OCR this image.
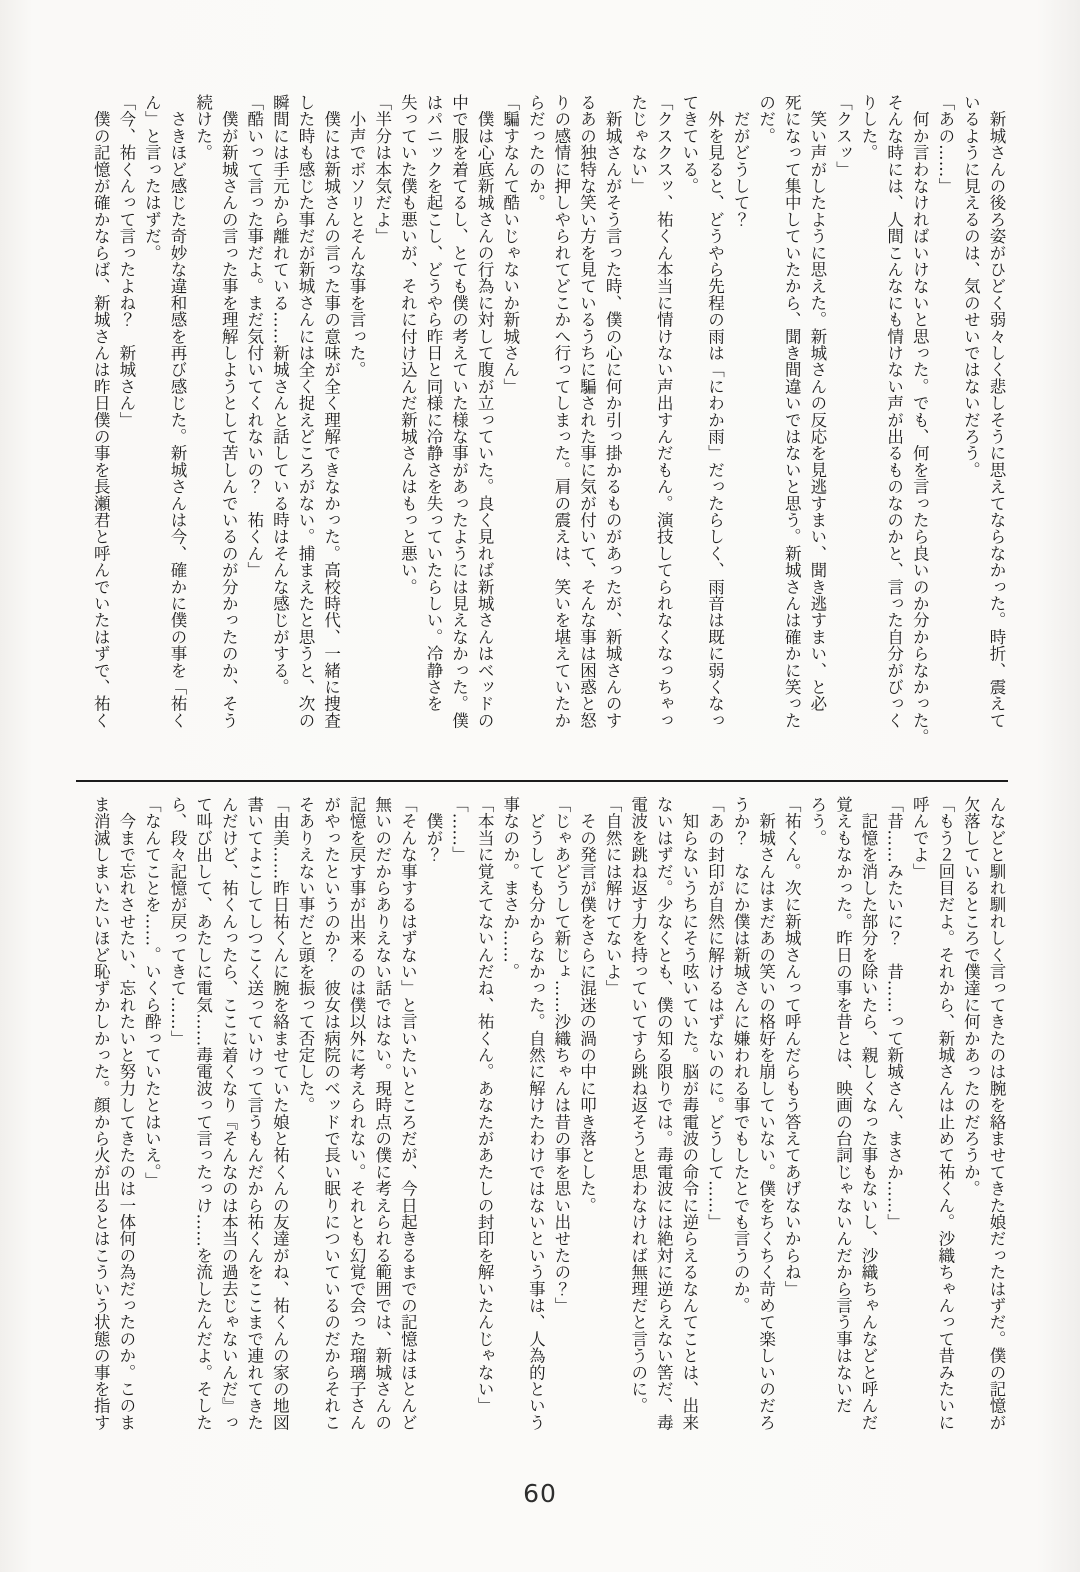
　新城さんの後ろ姿がひどく弱々しく悲しそうに思えてならなかった。時折、震えて
いるように見えるのは、気のせいではないだろう。
「あの……」
　何か言わなければいけないと思った。でも、何を言ったら良いのか分からなかった。
そんな時には、人間こんなにも情けない声が出るものなのかと、言った自分がびっく
りした。
「クスッ」
　笑い声がしたように思えた。新城さんの反応を見逃すまい、聞き逃すまい、と必
死になって集中していたから、聞き間違いではないと思う。新城さんは確かに笑った
のだ。
　だがどうして？
　外を見ると、どうやら先程の雨は「にわか雨」だったらしく、雨音は既に弱くなっ
てきている。
「クスクスッ、祐くん本当に情けない声出すんだもん。演技してられなくなっちゃっ
たじゃない」
　新城さんがそう言った時、僕の心に何か引っ掛かるものがあったが、新城さんのす
るあの独特な笑い方を見ているうちに騙された事に気が付いて、そんな事は困惑と怒
りの感情に押しやられてどこかへ行ってしまった。肩の震えは、笑いを堪えていたか
らだったのか。
「騙すなんて酷いじゃないか新城さん」
　僕は心底新城さんの行為に対して腹が立っていた。良く見れば新城さんはベッドの
中で服を着てるし、とても僕の考えていた様な事があったようには見えなかった。僕
はパニックを起こし、どうやら昨日と同様に冷静さを失っていたらしい。冷静さを
失っていた僕も悪いが、それに付け込んだ新城さんはもっと悪い。
「半分は本気だよ」
　小声でボソリとそんな事を言った。
　僕には新城さんの言った事の意味が全く理解できなかった。高校時代、一緒に捜査
した時も感じた事だが新城さんには全く捉えどころがない。捕まえたと思うと、次の
瞬間には手元から離れている……新城さんと話している時はそんな感じがする。
「酷いって言った事だよ。まだ気付いてくれないの？　祐くん」
　僕が新城さんの言った事を理解しようとして苦しんでいるのが分かったのか、そう
続けた。
　さきほど感じた奇妙な違和感を再び感じた。新城さんは今、確かに僕の事を「祐く
ん」と言ったはずだ。
「今、祐くんって言ったよね？　新城さん」
　僕の記憶が確かならば、新城さんは昨日僕の事を長瀬君と呼んでいたはずで、祐く
んなどと馴れ馴れしく言ってきたのは腕を絡ませてきた娘だったはずだ。僕の記憶が
欠落しているところで僕達に何かあったのだろうか。
「もう２回目だよ。それから、新城さんは止めて祐くん。沙織ちゃんって昔みたいに
呼んでよ」
「昔……みたいに？　昔……って新城さん、まさか……」
　記憶を消した部分を除いたら、親しくなった事もないし、沙織ちゃんなどと呼んだ
覚えもなかった。昨日の事を昔とは、映画の台詞じゃないんだから言う事はないだ
ろう。
「祐くん。次に新城さんって呼んだらもう答えてあげないからね」
　新城さんはまだあの笑いの格好を崩していない。僕をちくちく苛めて楽しいのだろ
うか？　なにか僕は新城さんに嫌われる事でもしたとでも言うのか。
「あの封印が自然に解けるはずないのに。どうして……」
　知らないうちにそう呟いていた。脳が毒電波の命令に逆らえるなんてことは、出来
ないはずだ。少なくとも、僕の知る限りでは。毒電波には絶対に逆らえない筈だ、毒
電波を跳ね返す力を持っていてすら跳ね返そうと思わなければ無理だと言うのに。
「自然には解けてないよ」
　その発言が僕をさらに混迷の渦の中に叩き落とした。
「じゃあどうして新じょ……沙織ちゃんは昔の事を思い出せたの？」
　どうしても分からなかった。自然に解けたわけではないという事は、人為的という
事なのか。まさか……。
「本当に覚えてないんだね、祐くん。あなたがあたしの封印を解いたんじゃない」
「……」
　僕が？
「そんな事するはずない」と言いたいところだが、今日起きるまでの記憶はほとんど
無いのだからありえない話ではない。現時点の僕に考えられる範囲では、新城さんの
記憶を戻す事が出来るのは僕以外に考えられない。それとも幻覚で会った瑠璃子さん
がやったというのか？　彼女は病院のベッドで長い眠りについているのだからそれこ
そありえない事だと頭を振って否定した。
「由美……昨日祐くんに腕を絡ませていた娘と祐くんの友達がね、祐くんの家の地図
書いてよこしてしつこく送っていけって言うもんだから祐くんをここまで連れてきた
んだけど、祐くんったら、ここに着くなり『そんなのは本当の過去じゃないんだ』っ
て叫び出して、あたしに電気……毒電波って言ったっけ……を流したんだよ。そした
ら、段々記憶が戻ってきて……」
「なんてことを……。いくら酔っていたとはいえ。」
　今まで忘れさせたい、忘れたいと努力してきたのは一体何の為だったのか。このま
ま消滅しまいたいほど恥ずかしかった。顔から火が出るとはこういう状態の事を指す
60
